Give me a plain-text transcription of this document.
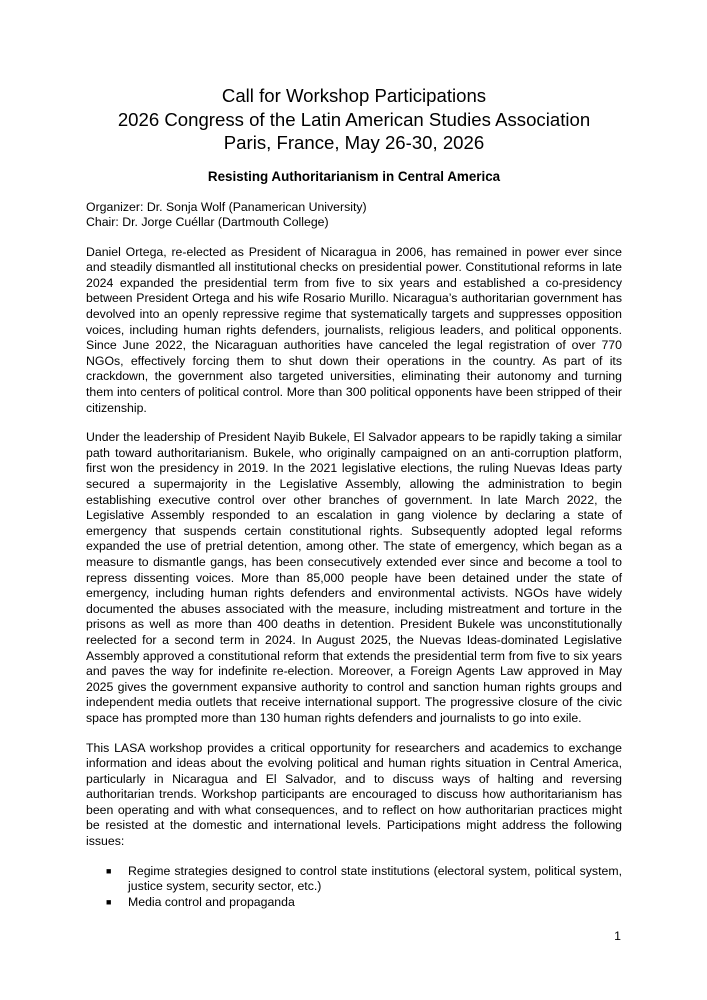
Call for Workshop Participations
2026 Congress of the Latin American Studies Association
Paris, France, May 26-30, 2026
Resisting Authoritarianism in Central America
Organizer: Dr. Sonja Wolf (Panamerican University)
Chair: Dr. Jorge Cuéllar (Dartmouth College)

Daniel Ortega, re-elected as President of Nicaragua in 2006, has remained in power ever since and steadily dismantled all institutional checks on presidential power. Constitutional reforms in late 2024 expanded the presidential term from five to six years and established a co-presidency between President Ortega and his wife Rosario Murillo. Nicaragua’s authoritarian government has devolved into an openly repressive regime that systematically targets and suppresses opposition voices, including human rights defenders, journalists, religious leaders, and political opponents. Since June 2022, the Nicaraguan authorities have canceled the legal registration of over 770 NGOs, effectively forcing them to shut down their operations in the country. As part of its crackdown, the government also targeted universities, eliminating their autonomy and turning them into centers of political control. More than 300 political opponents have been stripped of their citizenship.

Under the leadership of President Nayib Bukele, El Salvador appears to be rapidly taking a similar path toward authoritarianism. Bukele, who originally campaigned on an anti-corruption platform, first won the presidency in 2019. In the 2021 legislative elections, the ruling Nuevas Ideas party secured a supermajority in the Legislative Assembly, allowing the administration to begin establishing executive control over other branches of government. In late March 2022, the Legislative Assembly responded to an escalation in gang violence by declaring a state of emergency that suspends certain constitutional rights. Subsequently adopted legal reforms expanded the use of pretrial detention, among other. The state of emergency, which began as a measure to dismantle gangs, has been consecutively extended ever since and become a tool to repress dissenting voices. More than 85,000 people have been detained under the state of emergency, including human rights defenders and environmental activists. NGOs have widely documented the abuses associated with the measure, including mistreatment and torture in the prisons as well as more than 400 deaths in detention. President Bukele was unconstitutionally reelected for a second term in 2024. In August 2025, the Nuevas Ideas-dominated Legislative Assembly approved a constitutional reform that extends the presidential term from five to six years and paves the way for indefinite re-election. Moreover, a Foreign Agents Law approved in May 2025 gives the government expansive authority to control and sanction human rights groups and independent media outlets that receive international support. The progressive closure of the civic space has prompted more than 130 human rights defenders and journalists to go into exile.

This LASA workshop provides a critical opportunity for researchers and academics to exchange information and ideas about the evolving political and human rights situation in Central America, particularly in Nicaragua and El Salvador, and to discuss ways of halting and reversing authoritarian trends. Workshop participants are encouraged to discuss how authoritarianism has been operating and with what consequences, and to reflect on how authoritarian practices might be resisted at the domestic and international levels. Participations might address the following issues:

■ Regime strategies designed to control state institutions (electoral system, political system, justice system, security sector, etc.)
■ Media control and propaganda
1
